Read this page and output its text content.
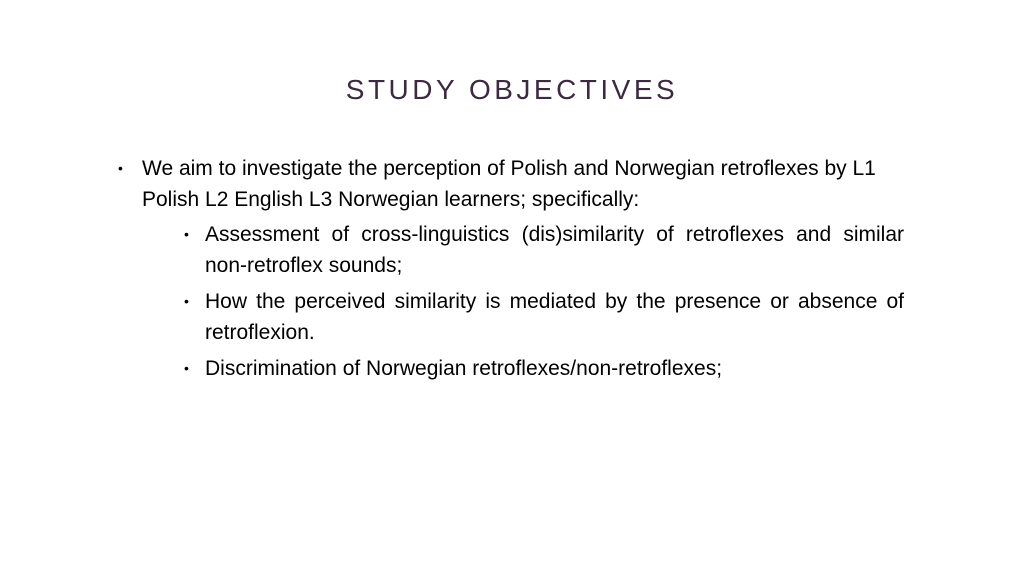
STUDY OBJECTIVES
• We aim to investigate the perception of Polish and Norwegian retroflexes by L1 Polish L2 English L3 Norwegian learners; specifically:
• Assessment of cross-linguistics (dis)similarity of retroflexes and similar non-retroflex sounds;
• How the perceived similarity is mediated by the presence or absence of retroflexion.
• Discrimination of Norwegian retroflexes/non-retroflexes;
